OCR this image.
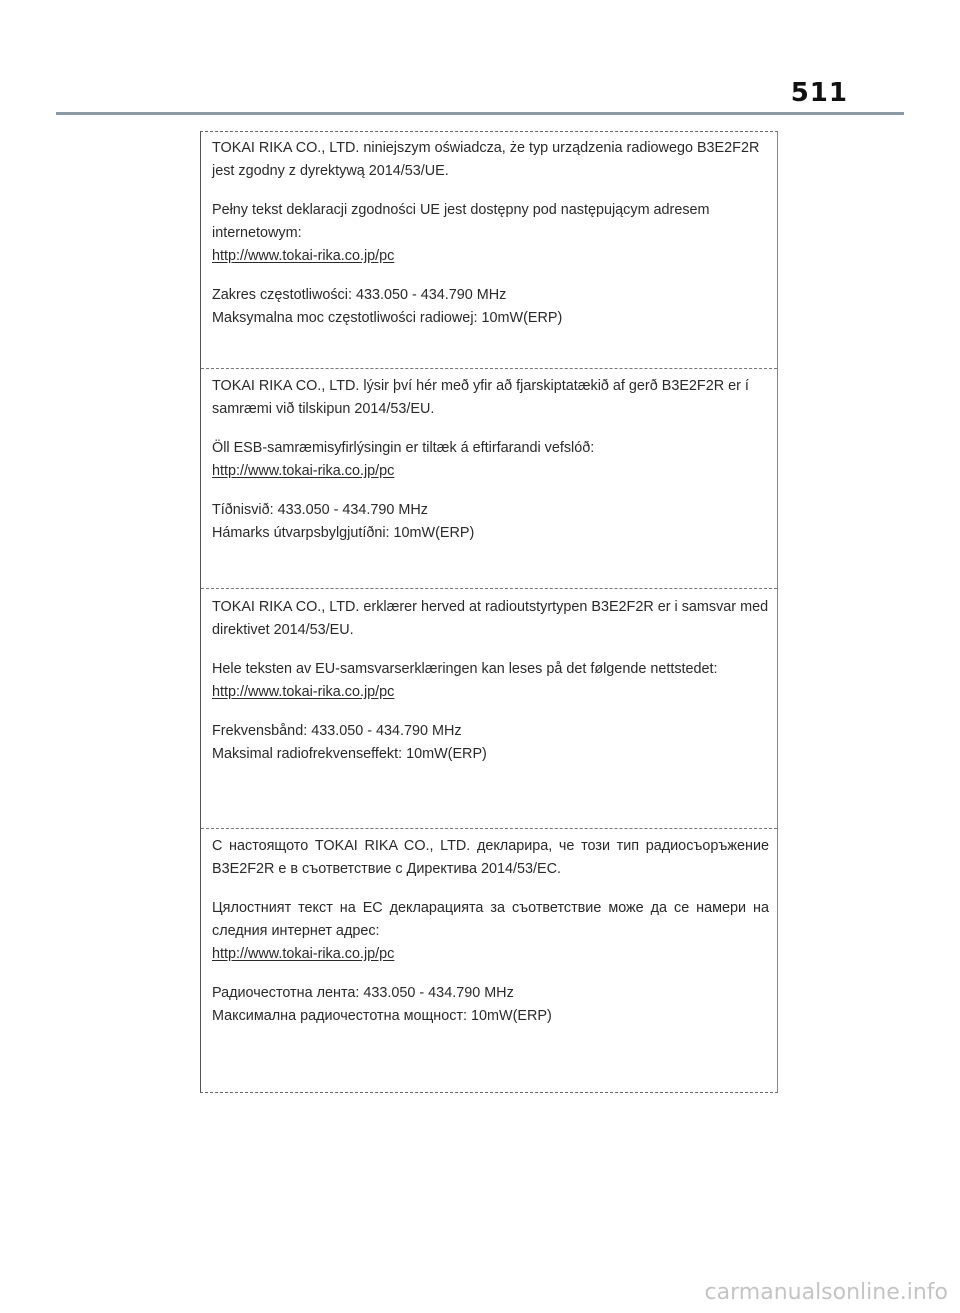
511

TOKAI RIKA CO., LTD. niniejszym oświadcza, że typ urządzenia radiowego B3E2F2R jest zgodny z dyrektywą 2014/53/UE.

Pełny tekst deklaracji zgodności UE jest dostępny pod następującym adresem internetowym:
http://www.tokai-rika.co.jp/pc

Zakres częstotliwości: 433.050 - 434.790 MHz
Maksymalna moc częstotliwości radiowej: 10mW(ERP)

TOKAI RIKA CO., LTD. lýsir því hér með yfir að fjarskiptatækið af gerð B3E2F2R er í samræmi við tilskipun 2014/53/EU.

Öll ESB-samræmisyfirlýsingin er tiltæk á eftirfarandi vefslóð:
http://www.tokai-rika.co.jp/pc

Tíðnisvið: 433.050 - 434.790 MHz
Hámarks útvarpsbylgjutíðni: 10mW(ERP)

TOKAI RIKA CO., LTD. erklærer herved at radioutstyrtypen B3E2F2R er i samsvar med direktivet 2014/53/EU.

Hele teksten av EU-samsvarserklæringen kan leses på det følgende nettstedet:
http://www.tokai-rika.co.jp/pc

Frekvensbånd: 433.050 - 434.790 MHz
Maksimal radiofrekvenseffekt: 10mW(ERP)

С настоящото TOKAI RIKA CO., LTD. декларира, че този тип радиосъоръжение B3E2F2R е в съответствие с Директива 2014/53/EC.

Цялостният текст на ЕС декларацията за съответствие може да се намери на следния интернет адрес:
http://www.tokai-rika.co.jp/pc

Радиочестотна лента: 433.050 - 434.790 MHz
Максимална радиочестотна мощност: 10mW(ERP)

carmanualsonline.info
